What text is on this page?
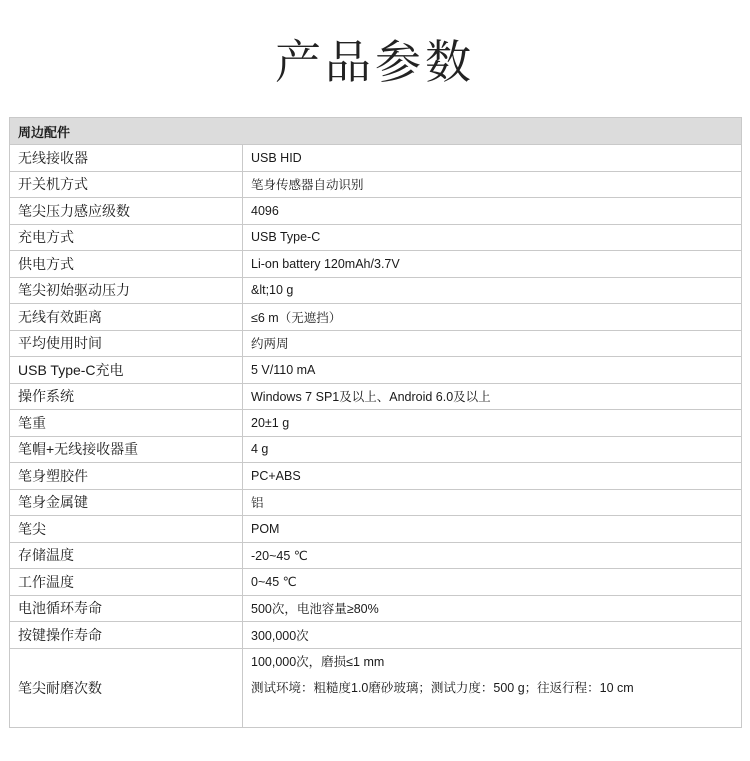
产品参数
周边配件	
无线接收器	USB HID
开关机方式	笔身传感器自动识别
笔尖压力感应级数	4096
充电方式	USB Type-C
供电方式	Li-on battery 120mAh/3.7V
笔尖初始驱动压力	&lt;10 g
无线有效距离	≤6 m（无遮挡）
平均使用时间	约两周
USB Type-C充电	5 V/110 mA
操作系统	Windows 7 SP1及以上、Android 6.0及以上
笔重	20±1 g
笔帽+无线接收器重	4 g
笔身塑胶件	PC+ABS
笔身金属键	铝
笔尖	POM
存储温度	-20~45 ℃
工作温度	0~45 ℃
电池循环寿命	500次，电池容量≥80%
按键操作寿命	300,000次
笔尖耐磨次数	100,000次，磨损≤1 mm
测试环境：粗糙度1.0磨砂玻璃；测试力度：500 g；往返行程：10 cm
